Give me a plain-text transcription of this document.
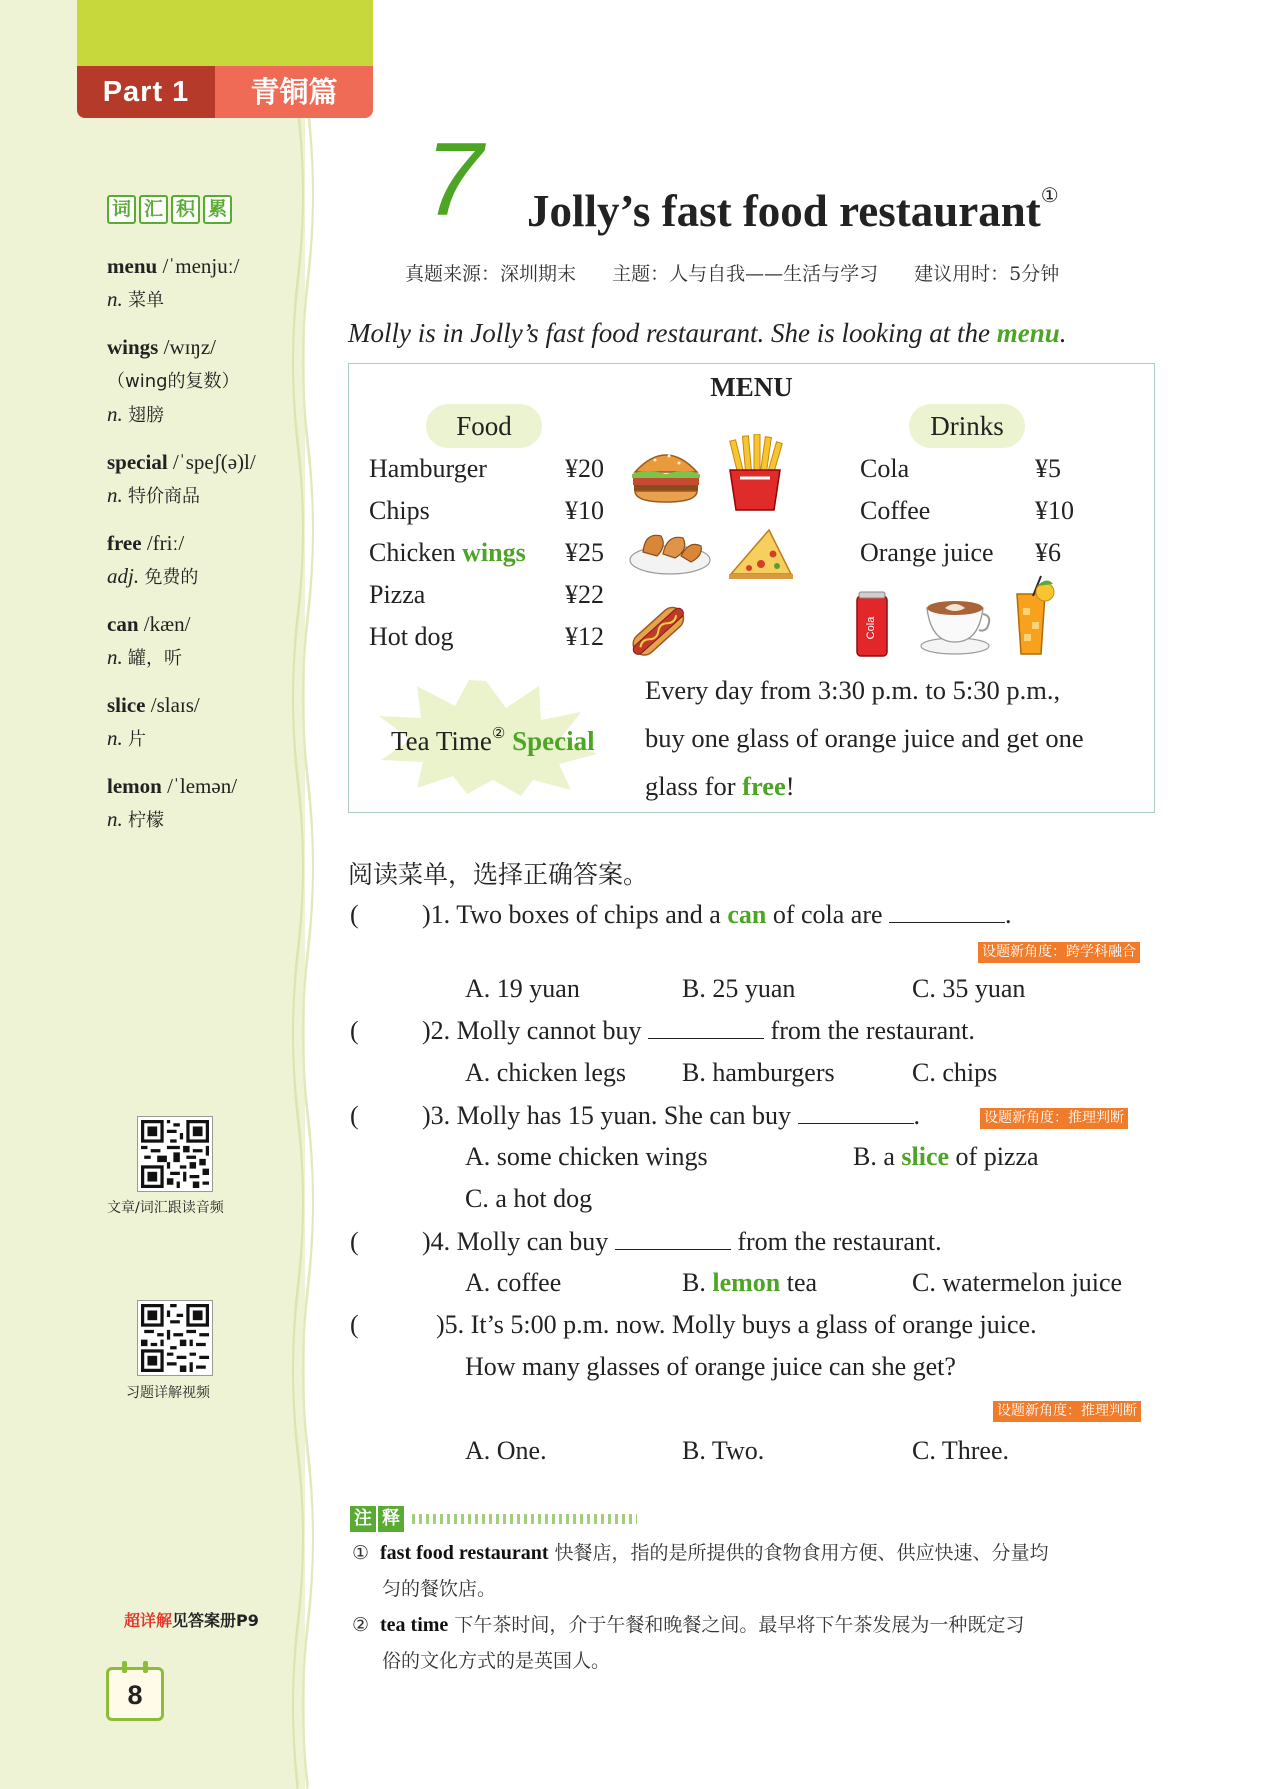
Part 1	青铜篇
词 汇 积 累
menu /ˈmenjuː/
n. 菜单
wings /wɪŋz/
（wing的复数）
n. 翅膀
special /ˈspeʃ(ə)l/
n. 特价商品
free /friː/
adj. 免费的
can /kæn/
n. 罐，听
slice /slaɪs/
n. 片
lemon /ˈlemən/
n. 柠檬
文章/词汇跟读音频
习题详解视频
超详解见答案册P9
8
7 Jolly’s fast food restaurant①
真题来源：深圳期末 主题：人与自我——生活与学习 建议用时：5分钟
Molly is in Jolly’s fast food restaurant. She is looking at the menu.
MENU
Food	Drinks
Hamburger	¥20
Chips	¥10
Chicken wings ¥25
Pizza	¥22
Hot dog	¥12
Cola	¥5
Coffee	¥10
Orange juice ¥6
Cola
Tea Time② Special
Every day from 3:30 p.m. to 5:30 p.m.,
buy one glass of orange juice and get one
glass for free!
阅读菜单，选择正确答案。
( )1. Two boxes of chips and a can of cola are	.
设题新角度：跨学科融合
A. 19 yuan	B. 25 yuan	C. 35 yuan
( )2. Molly cannot buy	from the restaurant.
A. chicken legs B. hamburgers	C. chips
( )3. Molly has 15 yuan. She can buy	.	设题新角度：推理判断
A. some chicken wings	B. a slice of pizza
C. a hot dog
( )4. Molly can buy	from the restaurant.
A. coffee	B. lemon tea	C. watermelon juice
(	)5. It’s 5:00 p.m. now. Molly buys a glass of orange juice.
How many glasses of orange juice can she get?
设题新角度：推理判断
A. One.	B. Two.	C. Three.
注 释
① fast food restaurant 快餐店，指的是所提供的食物食用方便、供应快速、分量均
匀的餐饮店。
② tea time 下午茶时间，介于午餐和晚餐之间。最早将下午茶发展为一种既定习
俗的文化方式的是英国人。
